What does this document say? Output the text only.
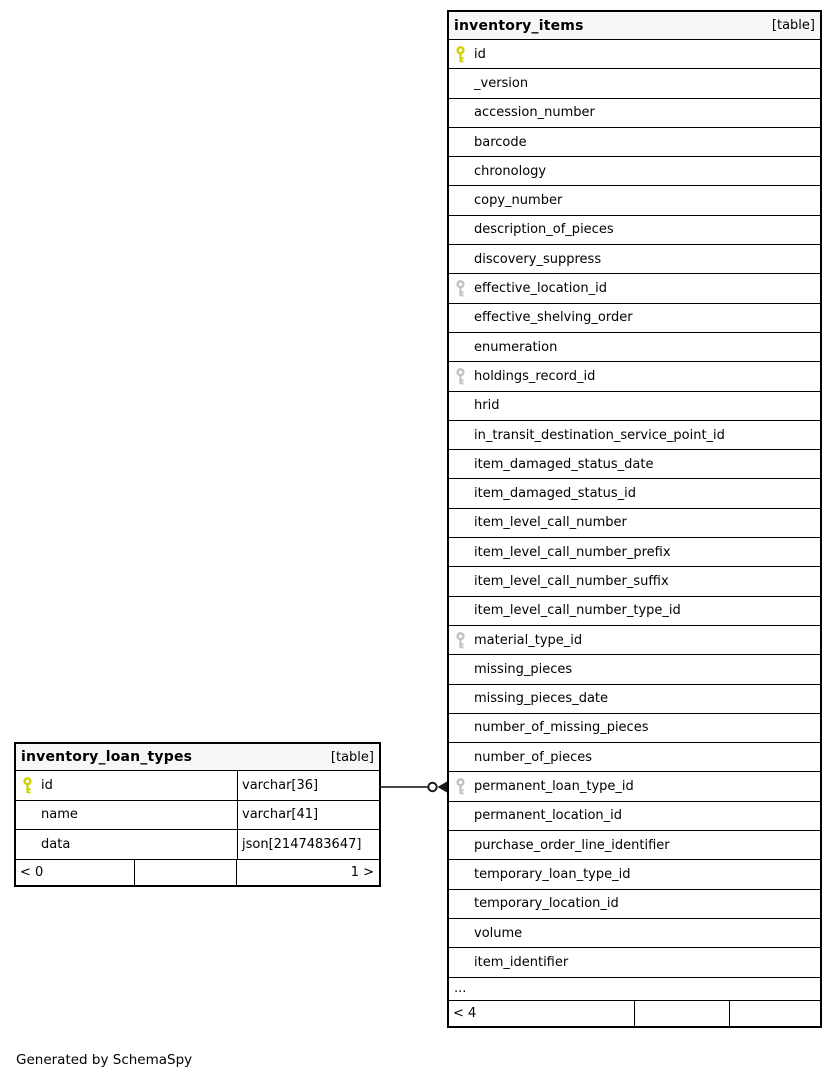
inventory_items	[table]
id
_version
accession_number
barcode
chronology
copy_number
description_of_pieces
discovery_suppress
effective_location_id
effective_shelving_order
enumeration
holdings_record_id
hrid
in_transit_destination_service_point_id
item_damaged_status_date
item_damaged_status_id
item_level_call_number
item_level_call_number_prefix
item_level_call_number_suffix
item_level_call_number_type_id
material_type_id
missing_pieces
missing_pieces_date
number_of_missing_pieces
number_of_pieces
permanent_loan_type_id
permanent_location_id
purchase_order_line_identifier
temporary_loan_type_id
temporary_location_id
volume
item_identifier
...
< 4
inventory_loan_types	[table]
id	varchar[36]
name	varchar[41]
data	json[2147483647]
< 0	1 >
Generated by SchemaSpy
